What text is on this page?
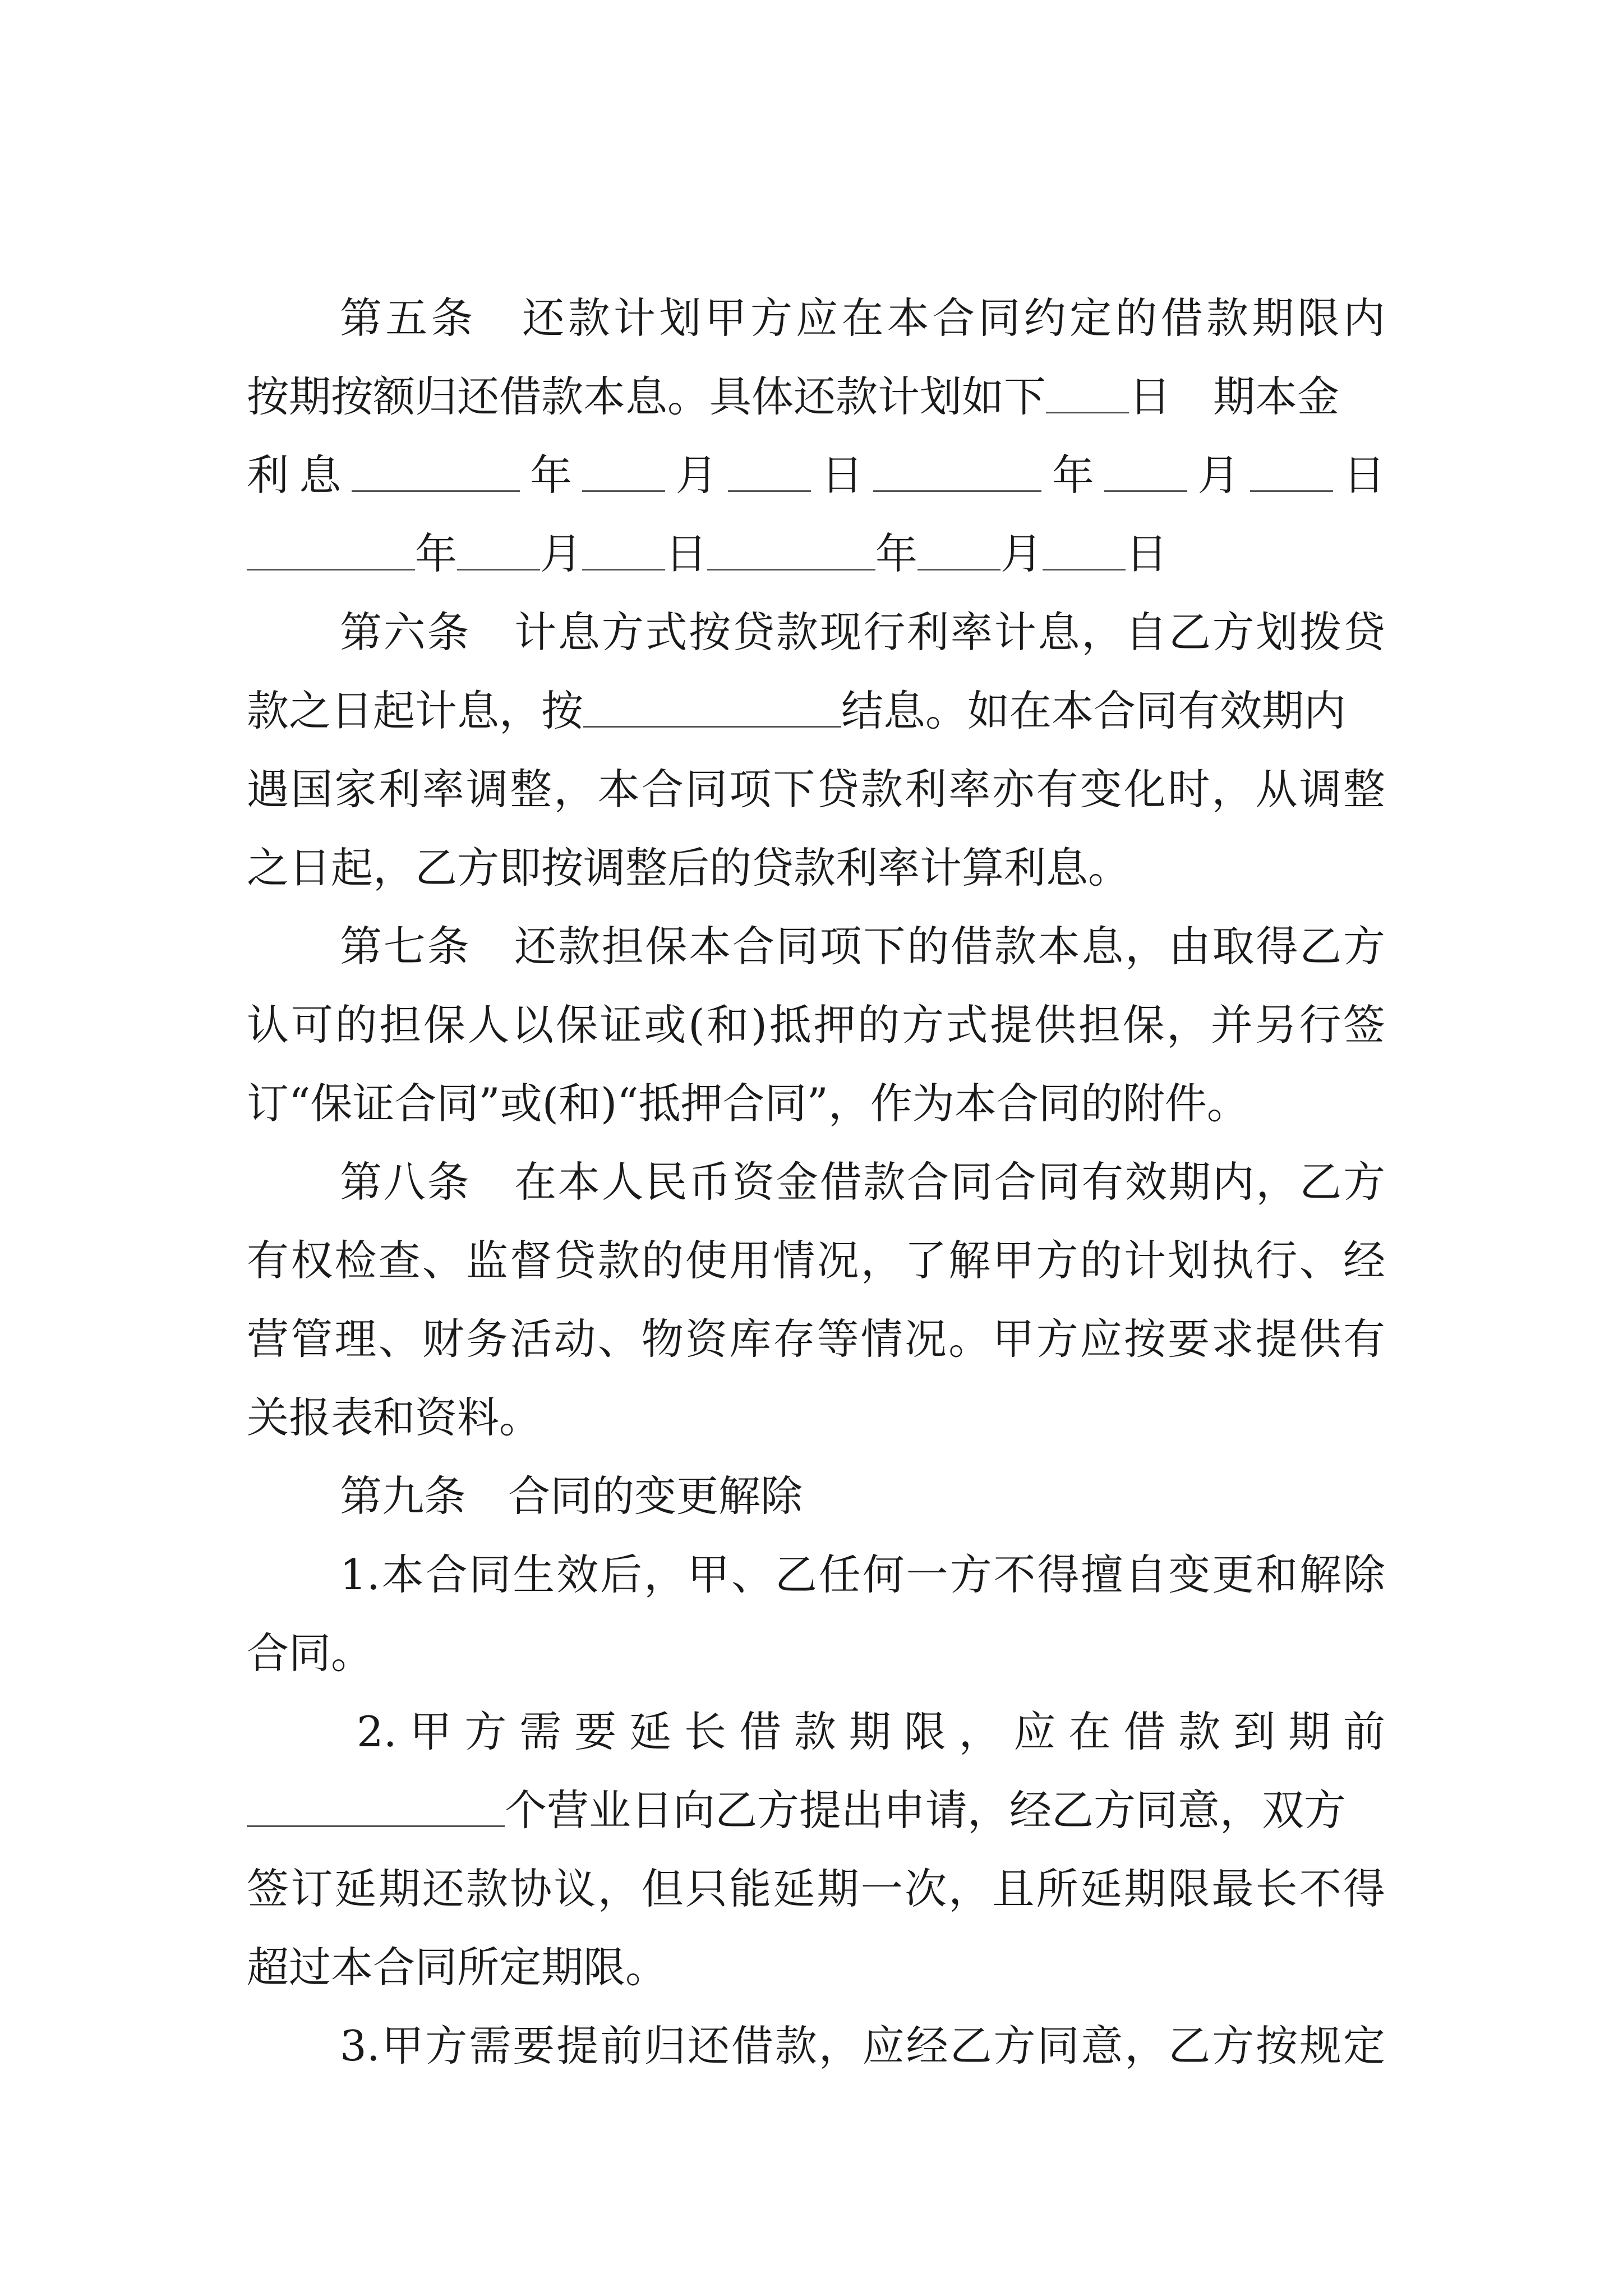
第五条　还款计划甲方应在本合同约定的借款期限内
按期按额归还借款本息。具体还款计划如下 日　期本金
利息	年 月 日	年 月 日
年 月 日	年 月 日
第六条　计息方式按贷款现行利率计息，自乙方划拨贷
款之日起计息，按	结息。如在本合同有效期内
遇国家利率调整，本合同项下贷款利率亦有变化时，从调整
之日起，乙方即按调整后的贷款利率计算利息。
第七条　还款担保本合同项下的借款本息，由取得乙方
认可的担保人以保证或(和)抵押的方式提供担保，并另行签
订“保证合同”或(和)“抵押合同”，作为本合同的附件。
第八条　在本人民币资金借款合同合同有效期内，乙方
有权检查、监督贷款的使用情况，了解甲方的计划执行、经
营管理、财务活动、物资库存等情况。甲方应按要求提供有
关报表和资料。
第九条　合同的变更解除
1.本合同生效后，甲、乙任何一方不得擅自变更和解除
合同。
2.甲方需要延长借款期限，应在借款到期前
个营业日向乙方提出申请，经乙方同意，双方
签订延期还款协议，但只能延期一次，且所延期限最长不得
超过本合同所定期限。
3.甲方需要提前归还借款，应经乙方同意，乙方按规定
